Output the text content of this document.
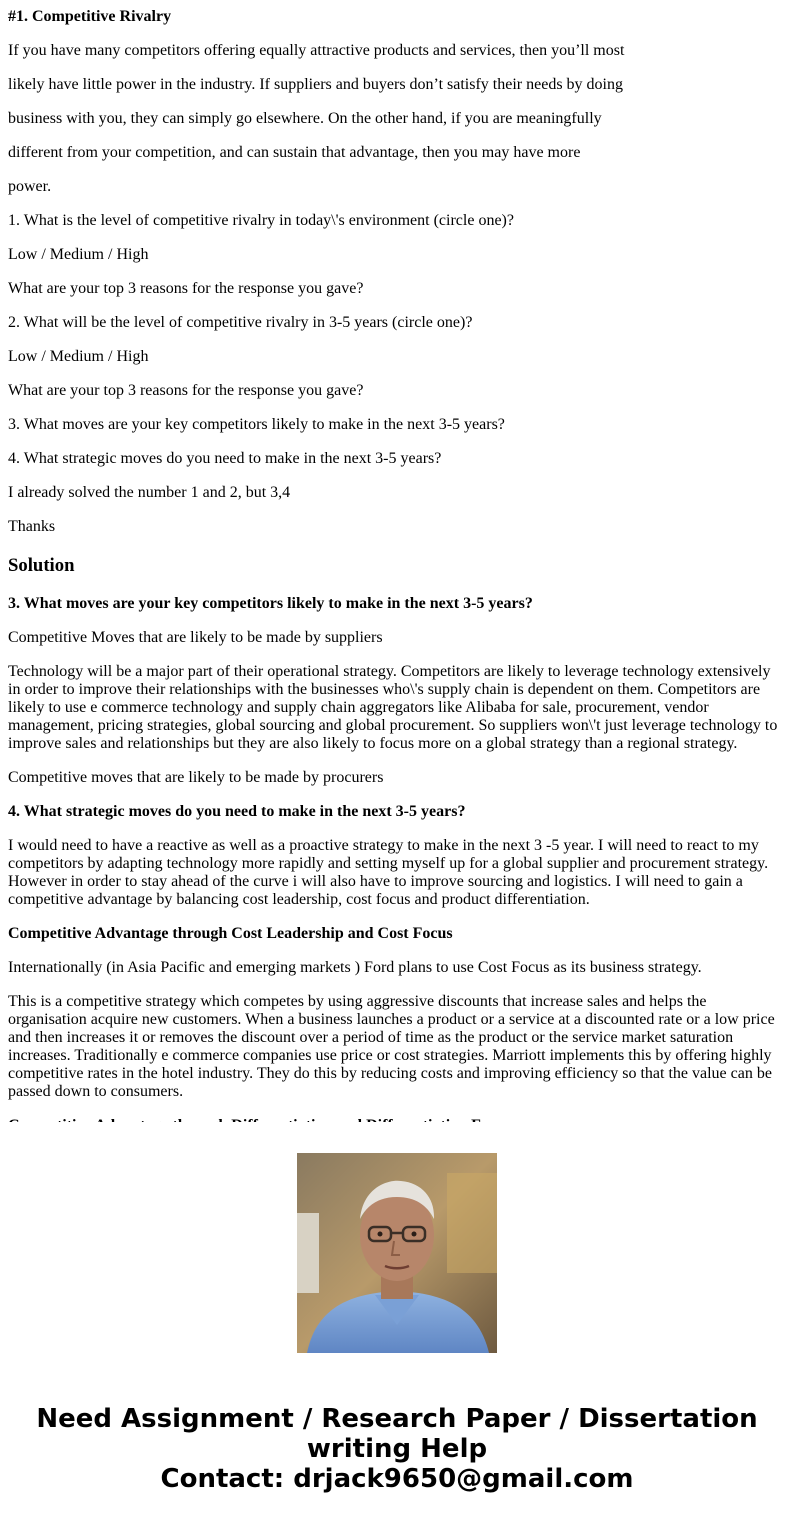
#1. Competitive Rivalry
If you have many competitors offering equally attractive products and services, then you’ll most
likely have little power in the industry. If suppliers and buyers don’t satisfy their needs by doing
business with you, they can simply go elsewhere. On the other hand, if you are meaningfully
different from your competition, and can sustain that advantage, then you may have more
power.
1. What is the level of competitive rivalry in today\'s environment (circle one)?
Low / Medium / High
What are your top 3 reasons for the response you gave?
2. What will be the level of competitive rivalry in 3-5 years (circle one)?
Low / Medium / High
What are your top 3 reasons for the response you gave?
3. What moves are your key competitors likely to make in the next 3-5 years?
4. What strategic moves do you need to make in the next 3-5 years?
I already solved the number 1 and 2, but 3,4
Thanks
Solution
3. What moves are your key competitors likely to make in the next 3-5 years?
Competitive Moves that are likely to be made by suppliers
Technology will be a major part of their operational strategy. Competitors are likely to leverage technology extensively in order to improve their relationships with the businesses who\'s supply chain is dependent on them. Competitors are likely to use e commerce technology and supply chain aggregators like Alibaba for sale, procurement, vendor management, pricing strategies, global sourcing and global procurement. So suppliers won\'t just leverage technology to improve sales and relationships but they are also likely to focus more on a global strategy than a regional strategy.
Competitive moves that are likely to be made by procurers
4. What strategic moves do you need to make in the next 3-5 years?
I would need to have a reactive as well as a proactive strategy to make in the next 3 -5 year. I will need to react to my competitors by adapting technology more rapidly and setting myself up for a global supplier and procurement strategy. However in order to stay ahead of the curve i will also have to improve sourcing and logistics. I will need to gain a competitive advantage by balancing cost leadership, cost focus and product differentiation.
Competitive Advantage through Cost Leadership and Cost Focus
Internationally (in Asia Pacific and emerging markets ) Ford plans to use Cost Focus as its business strategy.
This is a competitive strategy which competes by using aggressive discounts that increase sales and helps the organisation acquire new customers. When a business launches a product or a service at a discounted rate or a low price and then increases it or removes the discount over a period of time as the product or the service market saturation increases. Traditionally e commerce companies use price or cost strategies. Marriott implements this by offering highly competitive rates in the hotel industry. They do this by reducing costs and improving efficiency so that the value can be passed down to consumers.
Need Assignment / Research Paper / Dissertation
writing Help
Contact: drjack9650@gmail.com
